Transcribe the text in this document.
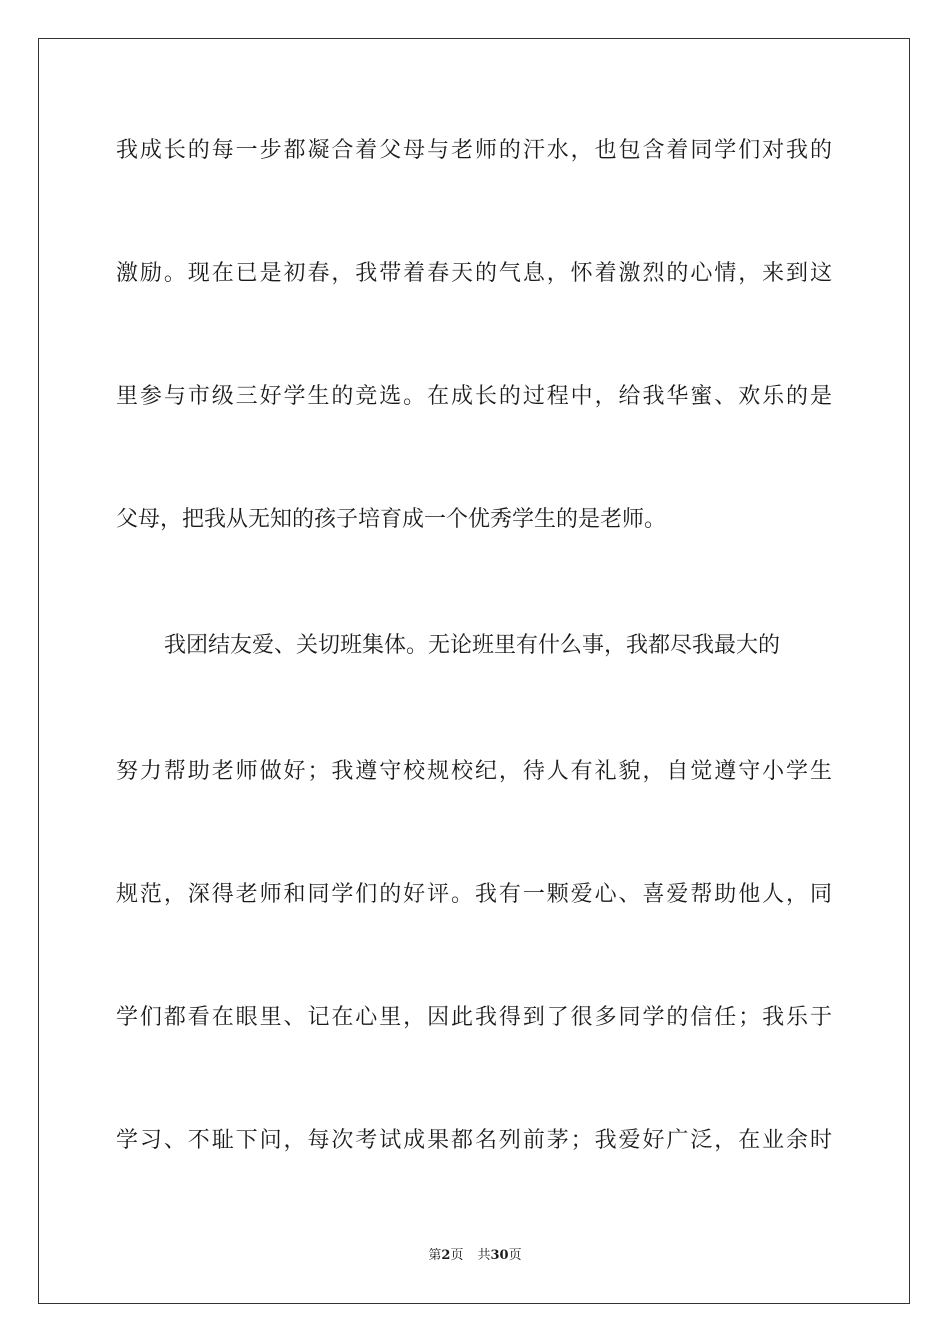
我成长的每一步都凝合着父母与老师的汗水，也包含着同学们对我的
激励。现在已是初春，我带着春天的气息，怀着激烈的心情，来到这
里参与市级三好学生的竞选。在成长的过程中，给我华蜜、欢乐的是
父母，把我从无知的孩子培育成一个优秀学生的是老师。
我团结友爱、关切班集体。无论班里有什么事，我都尽我最大的
努力帮助老师做好；我遵守校规校纪，待人有礼貌，自觉遵守小学生
规范，深得老师和同学们的好评。我有一颗爱心、喜爱帮助他人，同
学们都看在眼里、记在心里，因此我得到了很多同学的信任；我乐于
学习、不耻下问，每次考试成果都名列前茅；我爱好广泛，在业余时
第2页 共30页
